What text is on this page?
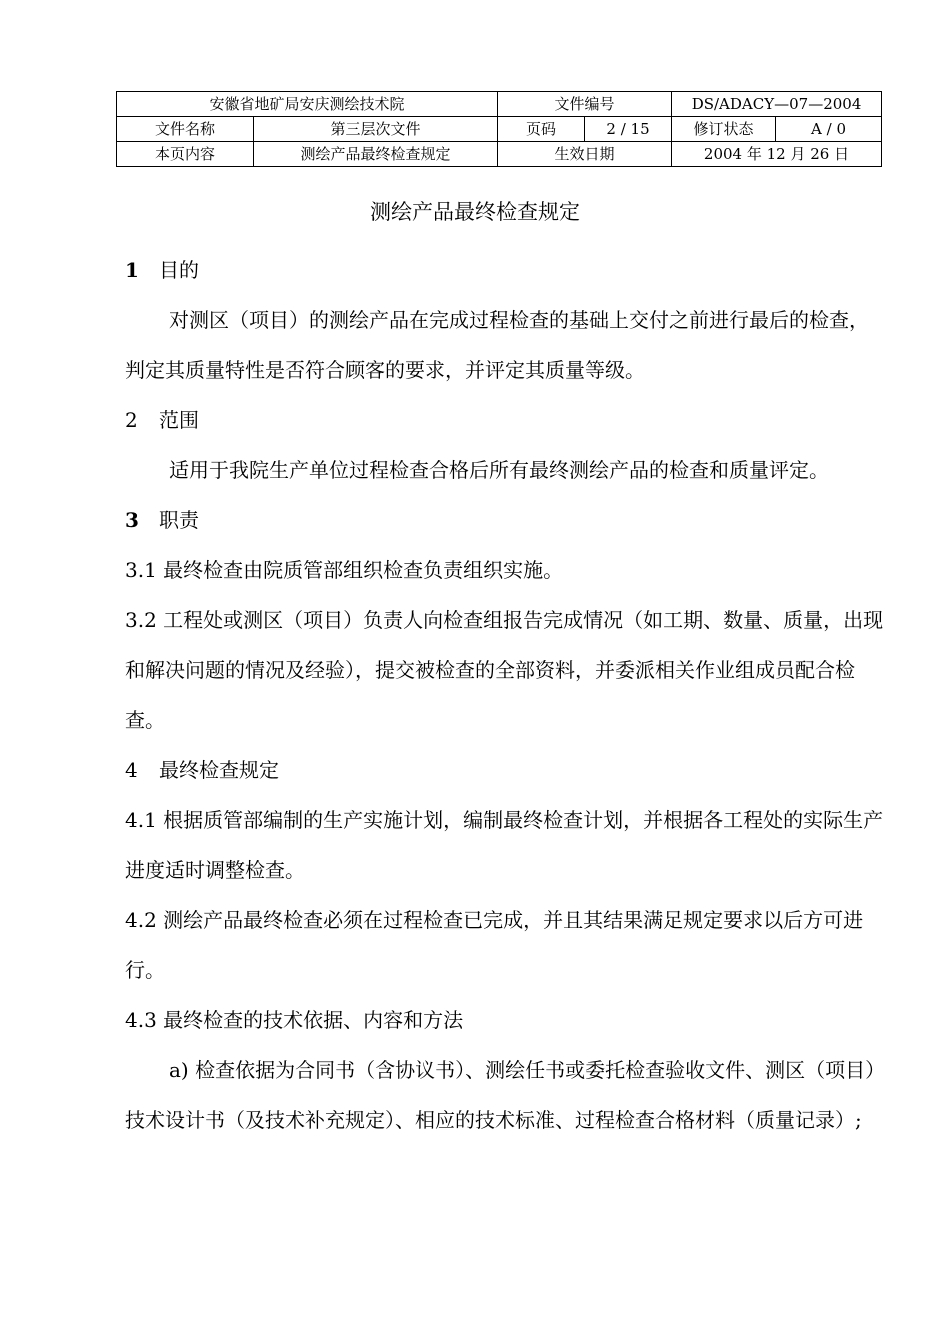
安徽省地矿局安庆测绘技术院		文件编号		DS/ADACY—07—2004	
文件名称	第三层次文件	页码	2 / 15	修订状态	A / 0
本页内容	测绘产品最终检查规定	生效日期		2004 年 12 月 26 日	
测绘产品最终检查规定

1 目的

对测区（项目）的测绘产品在完成过程检查的基础上交付之前进行最后的检查，判定其质量特性是否符合顾客的要求，并评定其质量等级。

2 范围

适用于我院生产单位过程检查合格后所有最终测绘产品的检查和质量评定。

3 职责

3.1 最终检查由院质管部组织检查负责组织实施。

3.2 工程处或测区（项目）负责人向检查组报告完成情况（如工期、数量、质量，出现和解决问题的情况及经验），提交被检查的全部资料，并委派相关作业组成员配合检查。

4 最终检查规定

4.1 根据质管部编制的生产实施计划，编制最终检查计划，并根据各工程处的实际生产进度适时调整检查。

4.2 测绘产品最终检查必须在过程检查已完成，并且其结果满足规定要求以后方可进行。

4.3 最终检查的技术依据、内容和方法

a) 检查依据为合同书（含协议书）、测绘任书或委托检查验收文件、测区（项目）技术设计书（及技术补充规定）、相应的技术标准、过程检查合格材料（质量记录）;
